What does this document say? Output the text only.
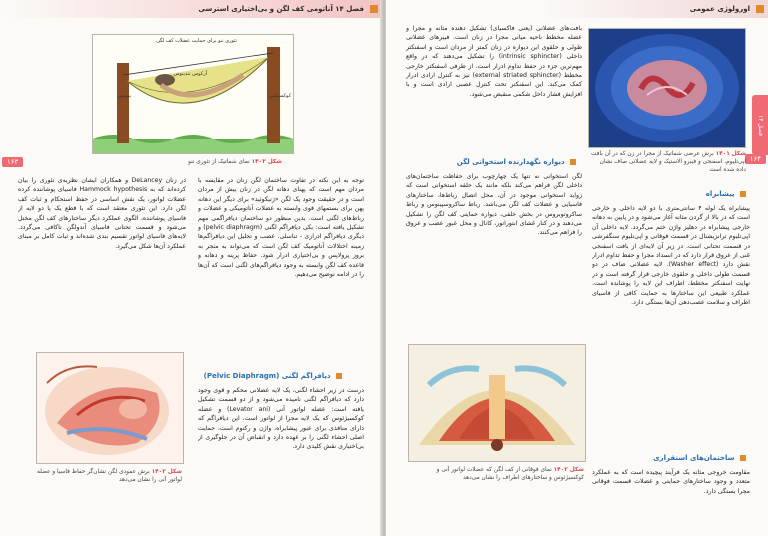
فصل ۱۴ آناتومی کف لگن و بی‌اختیاری استرسی
۱۶۳
تئوری ننو برای حمایت عضلات کف لگن
آرکوس تندینوس
پوبیس	کوکسیکس
شکل ۱۴۰۳ نمای شماتیک از تئوری ننو

توجه به این نکته در تفاوت ساختمان لگن زنان در مقایسه با مردان مهم است که پهنای دهانه لگن در زنان بیش از مردان است و در حقیقت وجود یک لگن «ژنیکوئید» برای دیگر این دهانه پهن برای بستمهای قوی وابسته به عضلات آناتومیکی و عضلات و رباط‌های لگنی است. بدین منظور دو ساختمان دیافراگمی مهم تشکیل یافته است: یکی دیافراگم لگنی (pelvic diaphragm) و دیگری دیافراگم ادراری - تناسلی. عصب و تحلیل این دیافراگم‌ها زمینه اختلالات آناتومیک کف لگن است که می‌تواند به منجر به بروز پرولاپس و بی‌اختیاری ادرار شود. حفاظ پرینه و دهانه و قاعده کف لگن وابسته به وجود دیافراگم‌های لگنی است که آن‌ها را در ادامه توضیح می‌دهیم.

در زنان DeLancey و همکاران ایشان نظریه‌ی تئوری را بیان کرده‌اند که به Hammock hypothesis فاسیای پوشاننده کرده عضلات لواتور، یک نقش اساسی در حفظ استحکام و ثبات کف لگن دارد. این تئوری معتقد است که با قطع یک یا دو لایه از فاسیای پوشاننده، الگوی عملکرد دیگر ساختارهای کف لگن مختل می‌شود و قسمت تحتانی فاسیای آندولگن ناکافی می‌گردد. لایه‌های فاسیای لواتور تقسیم بندی شده‌اند و ثبات کامل بر مبنای عملکرد آن‌ها شکل می‌گیرد.

دیافراگم لگنی (Pelvic Diaphragm)

درست در زیر احشاء لگنی، یک لایه عضلانی محکم و قوی وجود دارد که دیافراگم لگنی نامیده می‌شود و از دو قسمت تشکیل یافته است: عضله لواتور آنی (Levator ani) و عضله کوکسیژئوس که یک لایه مجزا از لواتور است. این دیافراگم که دارای منافذی برای عبور پیشابراه، واژن و رکتوم است، حمایت اصلی احشاء لگنی را بر عهده دارد و انقباض آن در جلوگیری از بی‌اختیاری نقش کلیدی دارد.

شکل ۱۴۰۲ برش عمودی لگن نشان‌گر حفاظ فاسیا و عضله لواتور آنی را نشان می‌دهد
اورولوژی عمومی
فصل ۱۴
۱۶۴

بافت‌های عضلانی (یعنی فاکسیای) تشکیل دهنده مثانه و مجرا و عضله مخطط ناحیه میانی مجرا در زنان است. فیبرهای عضلانی طولی و حلقوی این دیواره در زنان کمتر از مردان است و اسفنکتر داخلی (intrinsic sphincter) را تشکیل می‌دهند که در واقع مهم‌ترین جزء در حفظ تداوم ادرار است. از طرفی اسفنکتر خارجی مخطط (external striated sphincter) نیز به کنترل ارادی ادرار کمک می‌کند. این اسفنکتر تحت کنترل عصبی ارادی است و با افزایش فشار داخل شکمی منقبض می‌شود.

شکل ۱۴۰۱ برش عرضی شماتیک از مجرا در زن که در آن بافت اپی‌تلیوم، اسفنجی و فیبرو الاستیک و لایه عضلانی صاف نشان داده شده است
دیواره نگهدارنده استخوانی لگن

لگن استخوانی نه تنها یک چهارچوب برای حفاظت ساختمان‌های داخلی لگن فراهم می‌کند بلکه مانند یک حلقه استخوانی است که زواید استخوانی موجود در آن، محل اتصال رباط‌ها، ساختارهای فاسیایی و عضلات کف لگن می‌باشد. رباط ساکروسپینوس و رباط ساکروتوبروس در بخش خلفی، دیواره حمایتی کف لگن را تشکیل می‌دهند و در کنار غشای ابتوراتور، کانال و محل عبور عصب و عروق را فراهم می‌کنند.

شکل ۱۴۰۲ نمای فوقانی از کف لگن که عضلات لواتور آنی و کوکسیژئوس و ساختارهای اطراف را نشان می‌دهد
پیشابراه

پیشابراه یک لوله ۴ سانتی‌متری با دو لایه داخلی و خارجی است که در بالا از گردن مثانه آغاز می‌شود و در پایین به دهانه خارجی پیشابراه در دهلیز واژن ختم می‌گردد. لایه داخلی آن اپی‌تلیوم ترانزیشنال در قسمت فوقانی و اپی‌تلیوم سنگفرشی در قسمت تحتانی است. در زیر آن لایه‌ای از بافت اسفنجی غنی از عروق قرار دارد که در انسداد مجرا و حفظ تداوم ادرار نقش دارد (Washer effect). لایه عضلانی صاف در دو قسمت طولی داخلی و حلقوی خارجی قرار گرفته است و در نهایت اسفنکتر مخطط، اطراف این لایه را پوشانده است. عملکرد طبیعی این ساختارها به حمایت کافی از فاسیای اطراف و سلامت عصب‌دهی آن‌ها بستگی دارد.

ساختمان‌های استقراری

مقاومت خروجی مثانه یک فرآیند پیچیده است که به عملکرد متعدد و وجود ساختارهای حمایتی و عضلات قسمت فوقانی مجرا بستگی دارد.
